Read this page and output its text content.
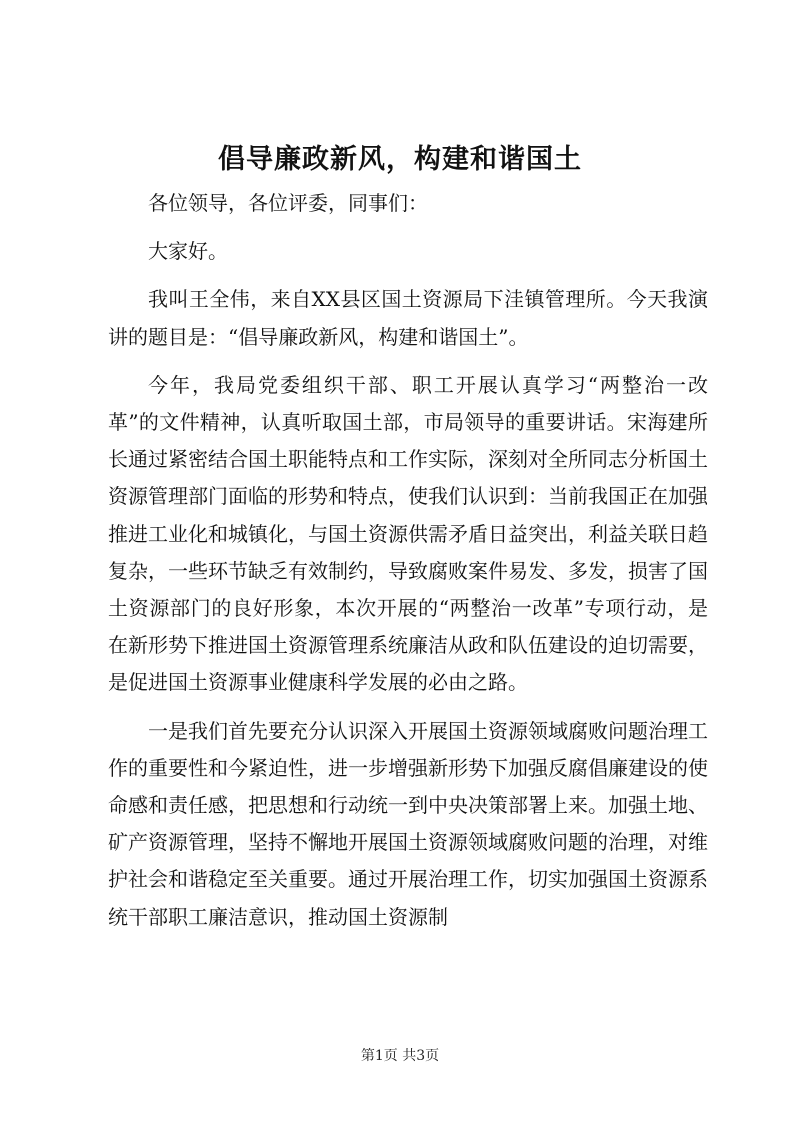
倡导廉政新风，构建和谐国土

各位领导，各位评委，同事们：

大家好。

我叫王全伟，来自XX县区国土资源局下洼镇管理所。今天我演讲的题目是：“倡导廉政新风，构建和谐国土”。

今年，我局党委组织干部、职工开展认真学习“两整治一改革”的文件精神，认真听取国土部，市局领导的重要讲话。宋海建所长通过紧密结合国土职能特点和工作实际，深刻对全所同志分析国土资源管理部门面临的形势和特点，使我们认识到：当前我国正在加强推进工业化和城镇化，与国土资源供需矛盾日益突出，利益关联日趋复杂，一些环节缺乏有效制约，导致腐败案件易发、多发，损害了国土资源部门的良好形象，本次开展的“两整治一改革”专项行动，是在新形势下推进国土资源管理系统廉洁从政和队伍建设的迫切需要，是促进国土资源事业健康科学发展的必由之路。

一是我们首先要充分认识深入开展国土资源领域腐败问题治理工作的重要性和今紧迫性，进一步增强新形势下加强反腐倡廉建设的使命感和责任感，把思想和行动统一到中央决策部署上来。加强土地、矿产资源管理，坚持不懈地开展国土资源领域腐败问题的治理，对维护社会和谐稳定至关重要。通过开展治理工作，切实加强国土资源系统干部职工廉洁意识，推动国土资源制

第1页 共3页
